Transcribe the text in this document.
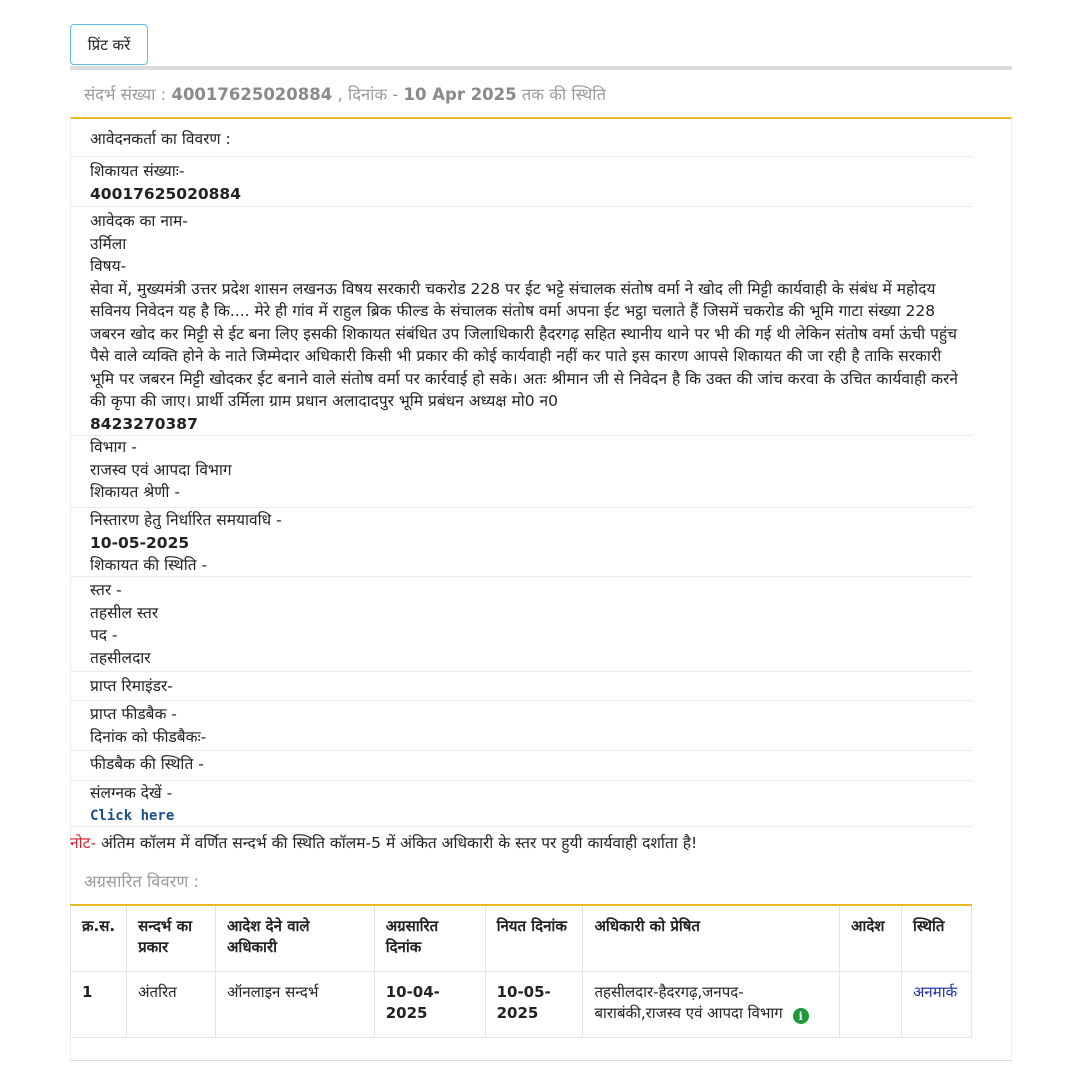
प्रिंट करें
संदर्भ संख्या : 40017625020884 , दिनांक - 10 Apr 2025 तक की स्थिति
आवेदनकर्ता का विवरण :
शिकायत संख्याः-
40017625020884
आवेदक का नाम-
उर्मिला
विषय-
सेवा में, मुख्यमंत्री उत्तर प्रदेश शासन लखनऊ विषय सरकारी चकरोड 228 पर ईट भट्टे संचालक संतोष वर्मा ने खोद ली मिट्टी कार्यवाही के संबंध में महोदय सविनय निवेदन यह है कि.... मेरे ही गांव में राहुल ब्रिक फील्ड के संचालक संतोष वर्मा अपना ईट भट्ठा चलाते हैं जिसमें चकरोड की भूमि गाटा संख्या 228 जबरन खोद कर मिट्टी से ईट बना लिए इसकी शिकायत संबंधित उप जिलाधिकारी हैदरगढ़ सहित स्थानीय थाने पर भी की गई थी लेकिन संतोष वर्मा ऊंची पहुंच पैसे वाले व्यक्ति होने के नाते जिम्मेदार अधिकारी किसी भी प्रकार की कोई कार्यवाही नहीं कर पाते इस कारण आपसे शिकायत की जा रही है ताकि सरकारी भूमि पर जबरन मिट्टी खोदकर ईट बनाने वाले संतोष वर्मा पर कार्रवाई हो सके। अतः श्रीमान जी से निवेदन है कि उक्त की जांच करवा के उचित कार्यवाही करने की कृपा की जाए। प्रार्थी उर्मिला ग्राम प्रधान अलादादपुर भूमि प्रबंधन अध्यक्ष मो0 न0
8423270387
विभाग -
राजस्व एवं आपदा विभाग
शिकायत श्रेणी -
निस्तारण हेतु निर्धारित समयावधि -
10-05-2025
शिकायत की स्थिति -
स्तर -
तहसील स्तर
पद -
तहसीलदार
प्राप्त रिमाइंडर-
प्राप्त फीडबैक -
दिनांक को फीडबैकः-
फीडबैक की स्थिति -
संलग्नक देखें -
Click here
नोट- अंतिम कॉलम में वर्णित सन्दर्भ की स्थिति कॉलम-5 में अंकित अधिकारी के स्तर पर हुयी कार्यवाही दर्शाता है!
अग्रसारित विवरण :
क्र.स.	सन्दर्भ का प्रकार	आदेश देने वाले अधिकारी	अग्रसारित दिनांक	नियत दिनांक	अधिकारी को प्रेषित	आदेश	स्थिति
1	अंतरित	ऑनलाइन सन्दर्भ	10-04-2025	10-05-2025	तहसीलदार-हैदरगढ़,जनपद-बाराबंकी,राजस्व एवं आपदा विभाग i		अनमार्क
